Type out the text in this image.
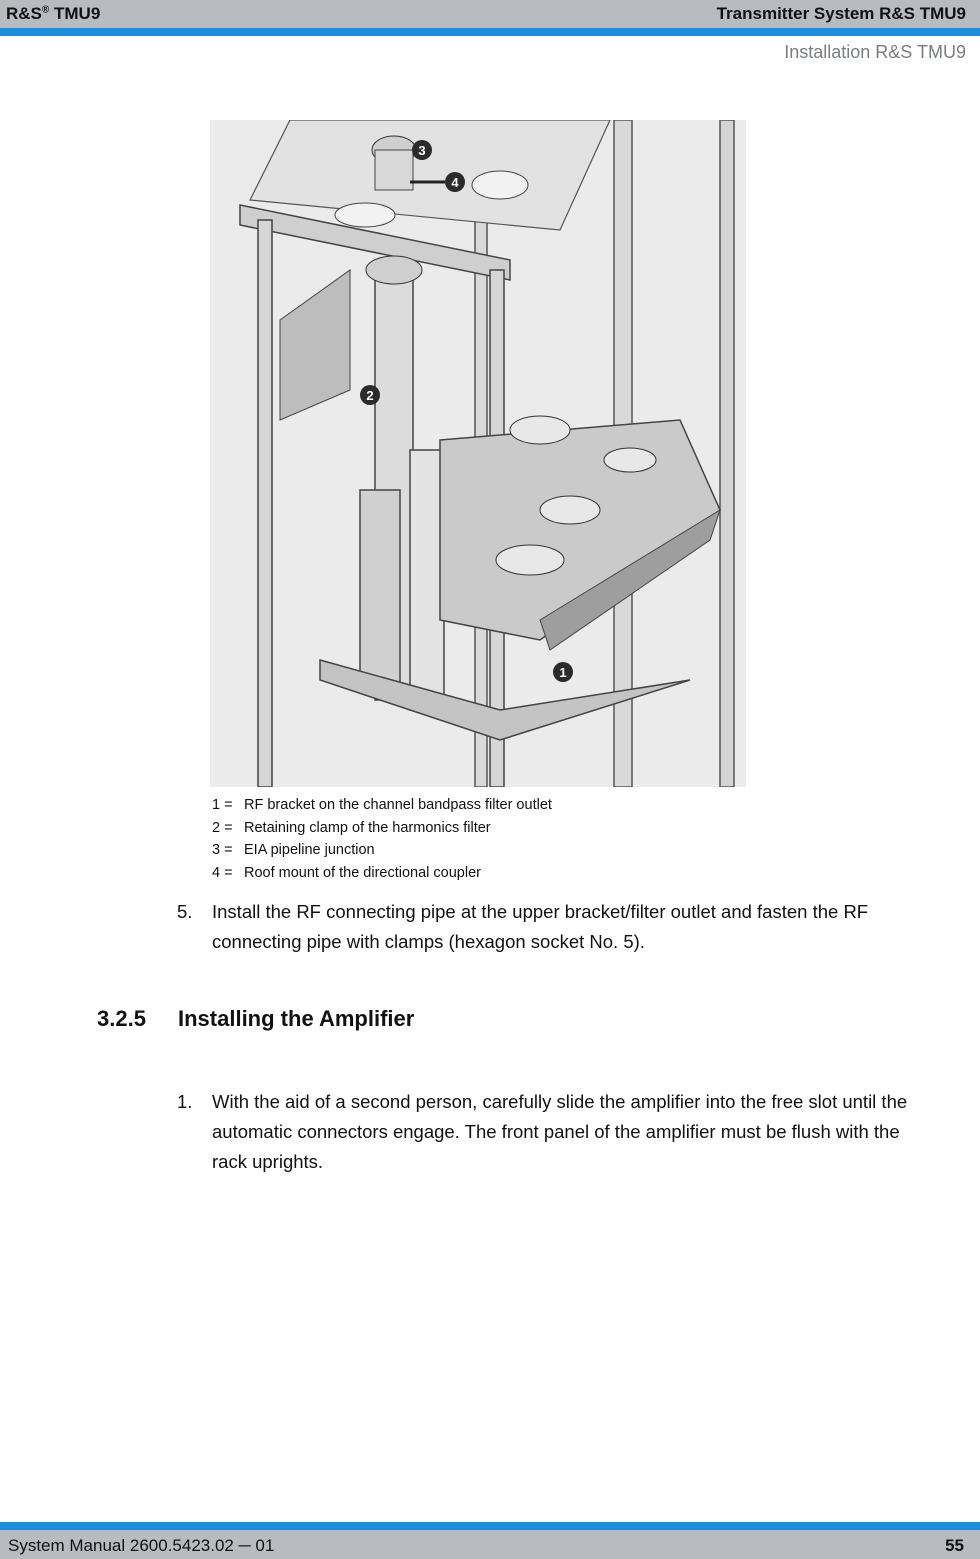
R&S® TMU9	Transmitter System R&S TMU9
Installation R&S TMU9
3
4
2
1
1 = RF bracket on the channel bandpass filter outlet
2 = Retaining clamp of the harmonics filter
3 = EIA pipeline junction
4 = Roof mount of the directional coupler
5. Install the RF connecting pipe at the upper bracket/filter outlet and fasten the RF
connecting pipe with clamps (hexagon socket No. 5).
3.2.5 Installing the Amplifier
1. With the aid of a second person, carefully slide the amplifier into the free slot until the
automatic connectors engage. The front panel of the amplifier must be flush with the
rack uprights.
System Manual 2600.5423.02 ─ 01	55
